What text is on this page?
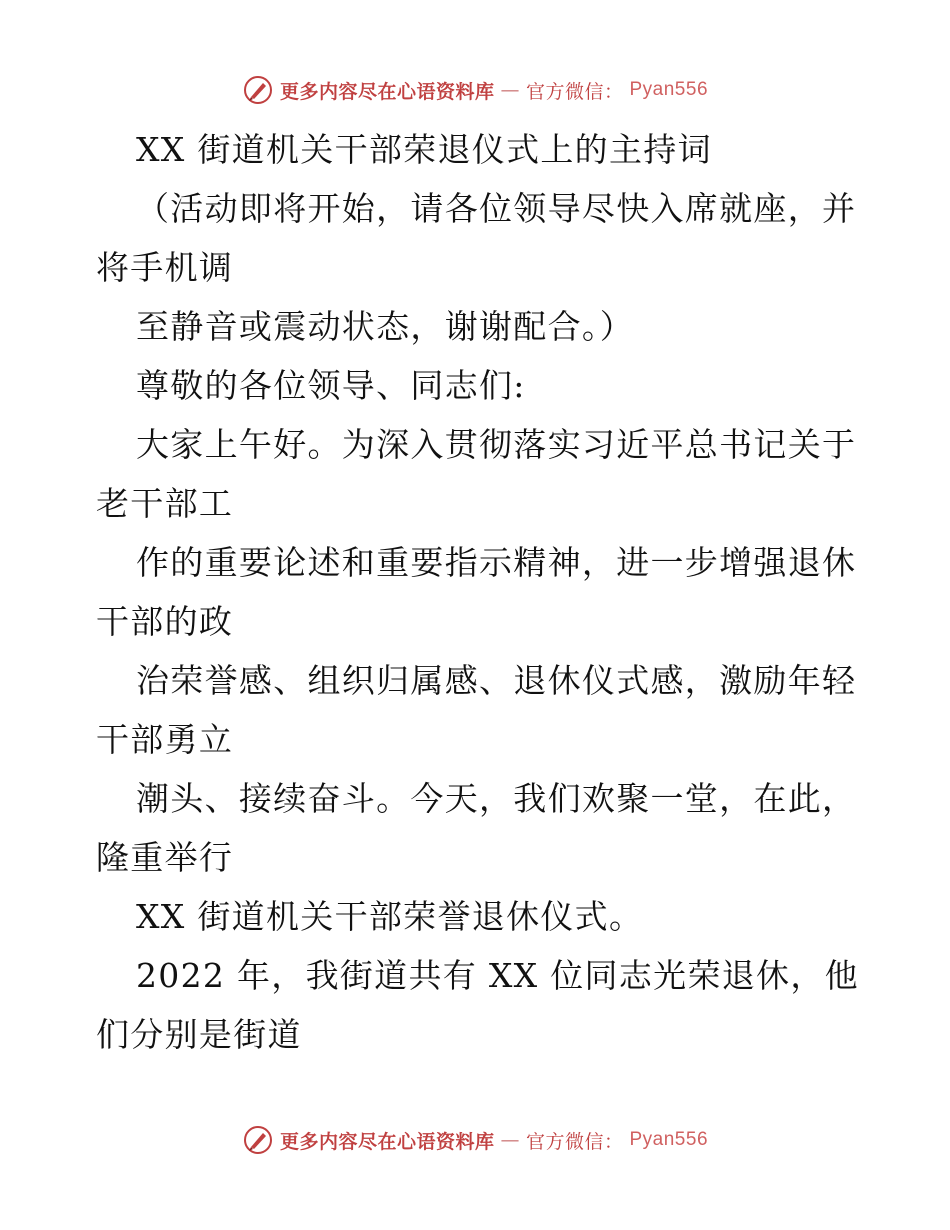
更多内容尽在心语资料库 — 官方微信： Pyan556
XX 街道机关干部荣退仪式上的主持词
（活动即将开始，请各位领导尽快入席就座，并
将手机调
至静音或震动状态，谢谢配合。）
尊敬的各位领导、同志们:
大家上午好。为深入贯彻落实习近平总书记关于
老干部工
作的重要论述和重要指示精神，进一步增强退休
干部的政
治荣誉感、组织归属感、退休仪式感，激励年轻
干部勇立
潮头、接续奋斗。今天，我们欢聚一堂，在此，
隆重举行
XX 街道机关干部荣誉退休仪式。
2022 年，我街道共有 XX 位同志光荣退休，他
们分别是街道
更多内容尽在心语资料库 — 官方微信： Pyan556
